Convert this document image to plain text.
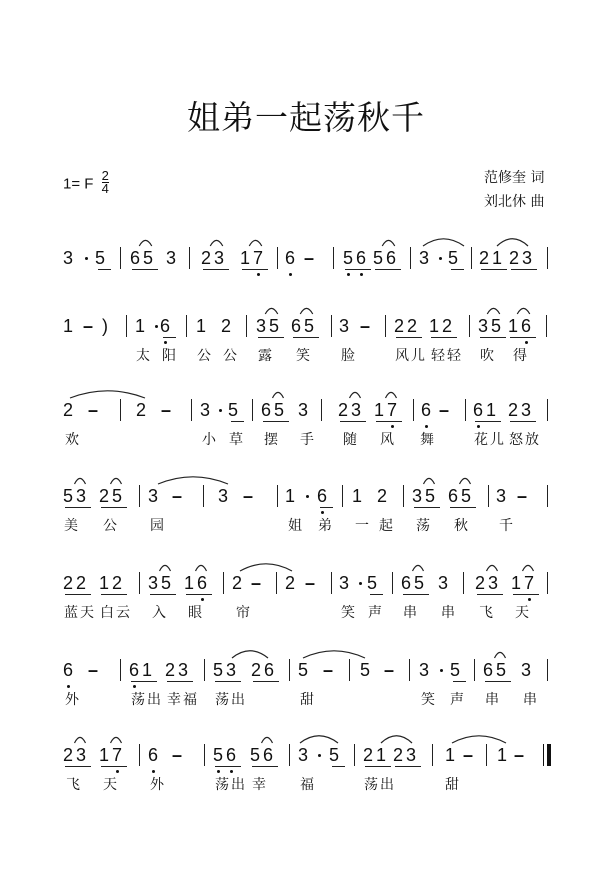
姐弟一起荡秋千
1= F $\frac{2}{4}$	范修奎 词
刘北休 曲
3 5 6 5 3 2 3 1 7 6 – 5 6 5 6 3 5 2 1 2 3
1 – ) 1 6 1 2 3 5 6 5 3 – 2 2 1 2 3 5 1 6
太 阳 公 公 露 笑 脸	风儿 轻轻 吹 得
2 – 2 – 3 5 6 5 3 2 3 1 7 6 – 6 1 2 3
欢	小 草 摆 手 随 风 舞	花儿 怒放
5 3 2 5 3 – 3 – 1 6 1 2 3 5 6 5 3 –
美 公 园	姐 弟 一 起 荡 秋 千
2 2 1 2 3 5 1 6 2 – 2 – 3 5 6 5 3 2 3 1 7
蓝天 白云 入 眼 帘	笑 声 串 串 飞 天
6 – 6 1 2 3 5 3 2 6 5 – 5 – 3 5 6 5 3
外	荡出 幸福 荡出	甜	笑 声 串 串
2 3 1 7 6 – 5 6 5 6 3 5 2 1 2 3 1 – 1 –
飞 天 外	荡出 幸 福	荡出	甜
